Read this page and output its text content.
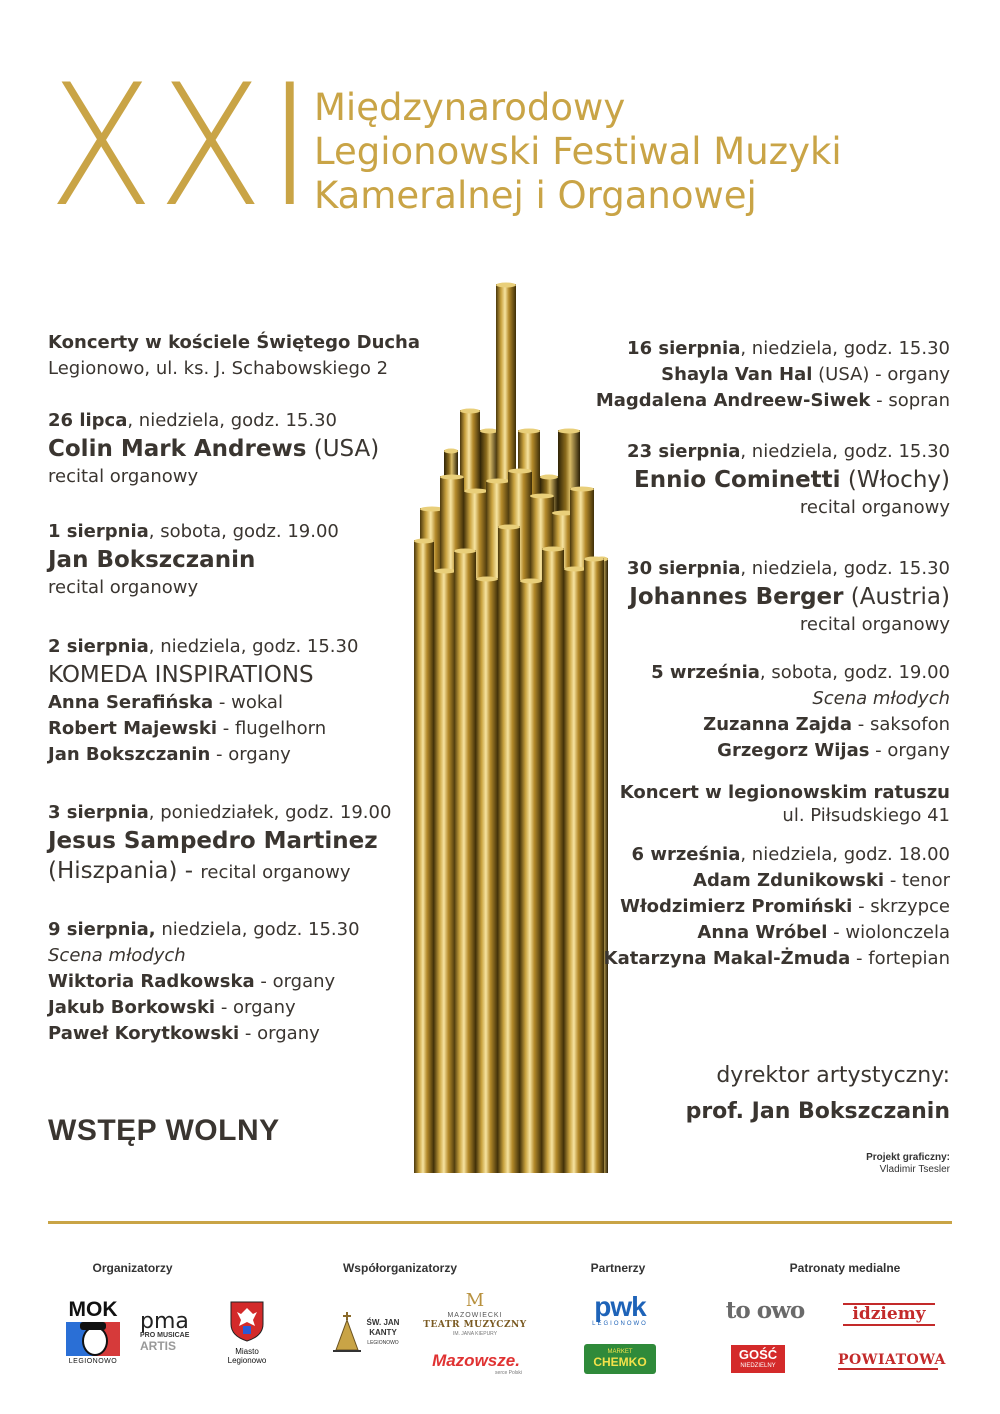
XXI
Międzynarodowy
Legionowski Festiwal Muzyki
Kameralnej i Organowej
Koncerty w kościele Świętego Ducha
Legionowo, ul. ks. J. Schabowskiego 2
26 lipca, niedziela, godz. 15.30
Colin Mark Andrews (USA)
recital organowy
1 sierpnia, sobota, godz. 19.00
Jan Bokszczanin
recital organowy
2 sierpnia, niedziela, godz. 15.30
KOMEDA INSPIRATIONS
Anna Serafińska - wokal
Robert Majewski - flugelhorn
Jan Bokszczanin - organy
3 sierpnia, poniedziałek, godz. 19.00
Jesus Sampedro Martinez
(Hiszpania) - recital organowy
9 sierpnia, niedziela, godz. 15.30
Scena młodych
Wiktoria Radkowska - organy
Jakub Borkowski - organy
Paweł Korytkowski - organy
WSTĘP WOLNY
16 sierpnia, niedziela, godz. 15.30
Shayla Van Hal (USA) - organy
Magdalena Andreew-Siwek - sopran
23 sierpnia, niedziela, godz. 15.30
Ennio Cominetti (Włochy)
recital organowy
30 sierpnia, niedziela, godz. 15.30
Johannes Berger (Austria)
recital organowy
5 września, sobota, godz. 19.00
Scena młodych
Zuzanna Zajda - saksofon
Grzegorz Wijas - organy
Koncert w legionowskim ratuszu
ul. Piłsudskiego 41
6 września, niedziela, godz. 18.00
Adam Zdunikowski - tenor
Włodzimierz Promiński - skrzypce
Anna Wróbel - wiolonczela
Katarzyna Makal-Żmuda - fortepian
dyrektor artystyczny:
prof. Jan Bokszczanin
Projekt graficzny:
Vladimir Tsesler
Organizatorzy	Współorganizatorzy	Partnerzy	Patronaty medialne
MOK
LEGIONOWO
pma
PRO MUSICAE
ARTIS	Miasto
Legionowo
ŚW. JAN
KANTY
LEGIONOWO
M
MAZOWIECKI
TEATR MUZYCZNY
IM. JANA KIEPURY
Mazowsze.
serce Polski
pwk
LEGIONOWO
MARKET
CHEMKO
to owo	idziemy
GOŚĆ
NIEDZIELNY	POWIATOWA
